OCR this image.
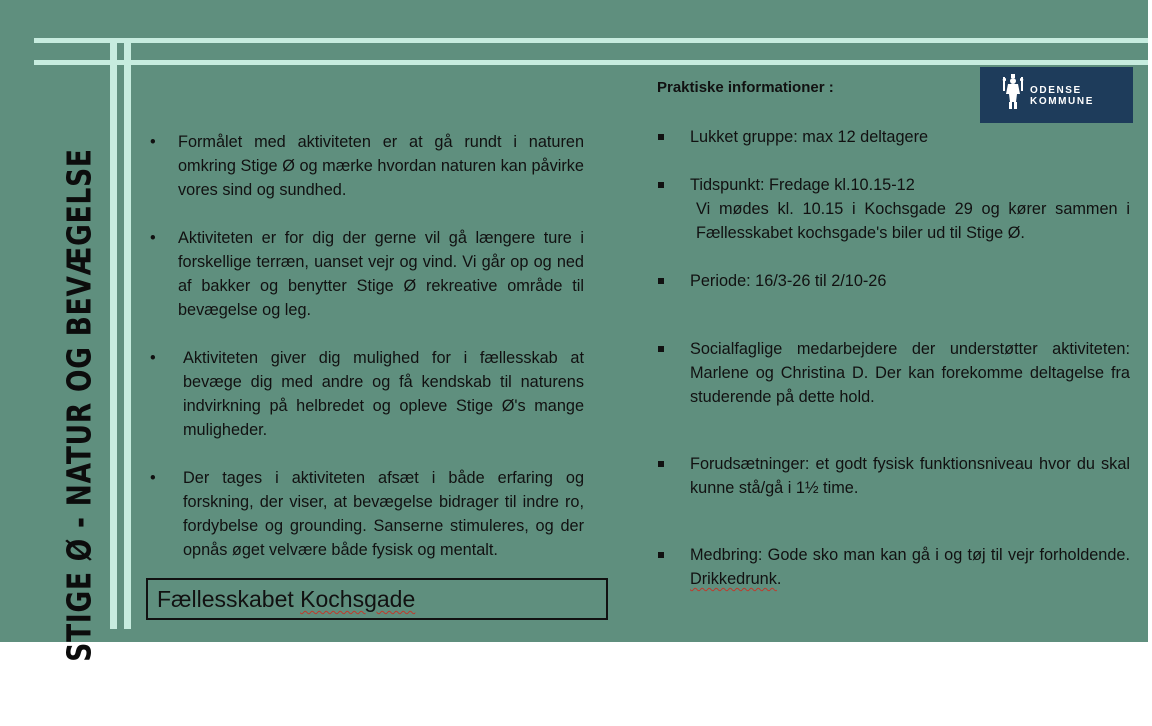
STIGE Ø - NATUR OG BEVÆGELSE
• Formålet med aktiviteten er at gå rundt i naturen omkring Stige Ø og mærke hvordan naturen kan påvirke vores sind og sundhed.
• Aktiviteten er for dig der gerne vil gå længere ture i forskellige terræn, uanset vejr og vind. Vi går op og ned af bakker og benytter Stige Ø rekreative område til bevægelse og leg.
• Aktiviteten giver dig mulighed for i fællesskab at bevæge dig med andre og få kendskab til naturens indvirkning på helbredet og opleve Stige Ø's mange muligheder.
• Der tages i aktiviteten afsæt i både erfaring og forskning, der viser, at bevægelse bidrager til indre ro, fordybelse og grounding. Sanserne stimuleres, og der opnås øget velvære både fysisk og mentalt.
Fællesskabet Kochsgade
Praktiske informationer :
Lukket gruppe: max 12 deltagere
Tidspunkt: Fredage kl.10.15-12
Vi mødes kl. 10.15 i Kochsgade 29 og kører sammen i Fællesskabet kochsgade's biler ud til Stige Ø.
Periode: 16/3-26 til 2/10-26
Socialfaglige medarbejdere der understøtter aktiviteten: Marlene og Christina D. Der kan forekomme deltagelse fra studerende på dette hold.
Forudsætninger: et godt fysisk funktionsniveau hvor du skal kunne stå/gå i 1½ time.
Medbring: Gode sko man kan gå i og tøj til vejr forholdende. Drikkedrunk.
ODENSE
KOMMUNE
